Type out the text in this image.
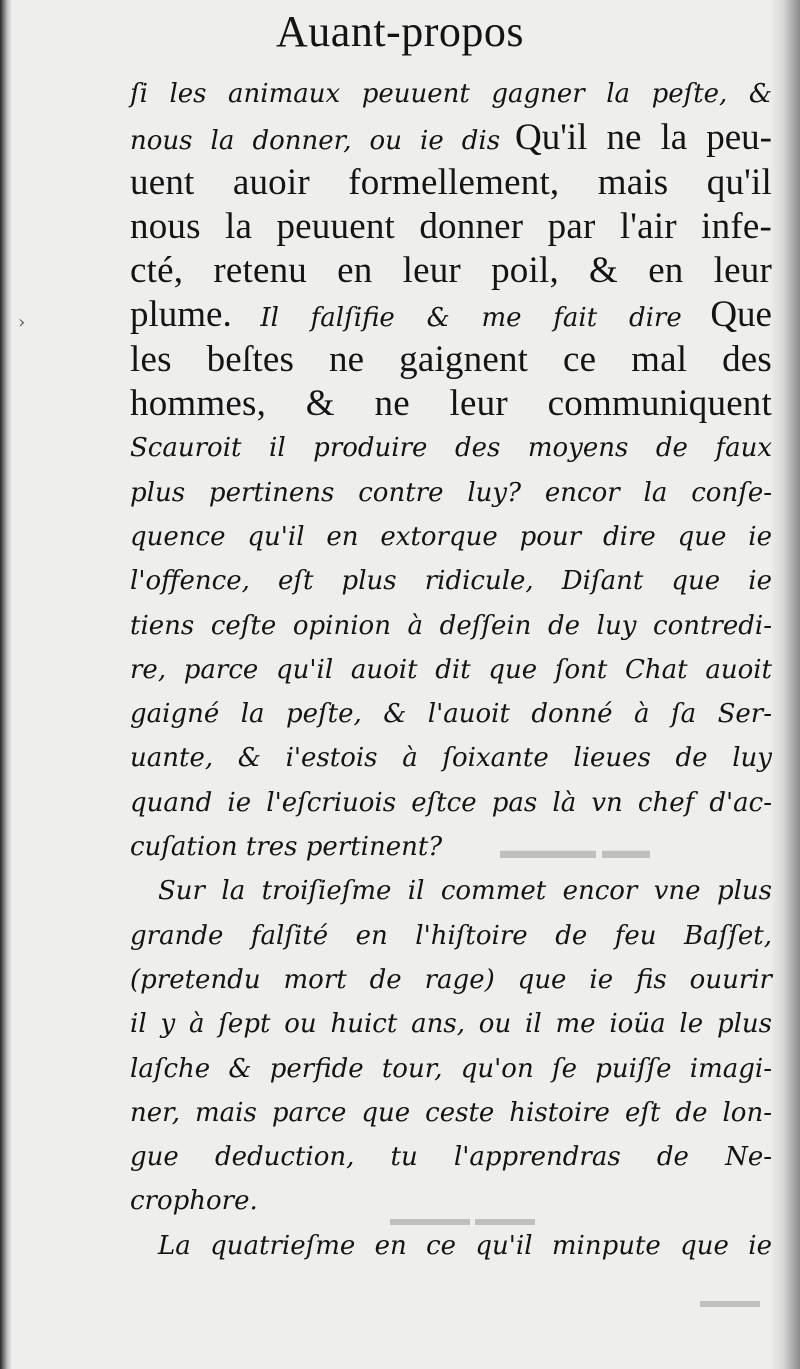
Auant-propos
▬▬ ▬▬▬▬
▬▬▬ ▬▬▬▬
▬▬▬
›
ſi les animaux peuuent gagner la peſte, &
nous la donner, ou ie dis Qu'il ne la peu-
uent auoir formellement, mais qu'il
nous la peuuent donner par l'air infe-
cté, retenu en leur poil, & en leur
plume. Il falſifie & me fait dire Que
les beſtes ne gaignent ce mal des
hommes, & ne leur communiquent
Scauroit il produire des moyens de faux
plus pertinens contre luy? encor la conſe-
quence qu'il en extorque pour dire que ie
l'offence, eſt plus ridicule, Diſant que ie
tiens ceſte opinion à deſſein de luy contredi-
re, parce qu'il auoit dit que ſont Chat auoit
gaigné la peſte, & l'auoit donné à ſa Ser-
uante, & i'estois à ſoixante lieues de luy
quand ie l'eſcriuois eſtce pas là vn chef d'ac-
cuſation tres pertinent?
Sur la troiſieſme il commet encor vne plus
grande falſité en l'hiſtoire de feu Baſſet,
(pretendu mort de rage) que ie fis ouurir
il y à ſept ou huict ans, ou il me ioüa le plus
laſche & perfide tour, qu'on ſe puiſſe imagi-
ner, mais parce que ceste histoire eſt de lon-
gue deduction, tu l'apprendras de Ne-
crophore.
La quatrieſme en ce qu'il minpute que ie
